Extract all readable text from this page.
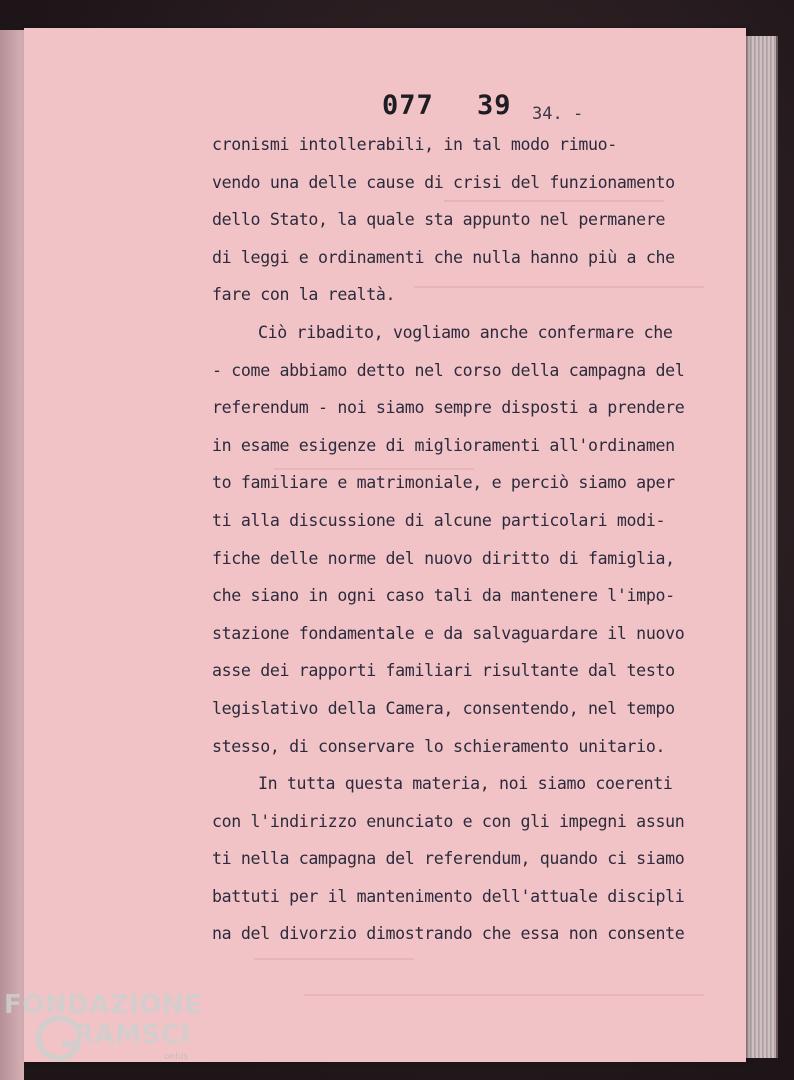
077 39 34. -
cronismi intollerabili, in tal modo rimuo-
vendo una delle cause di crisi del funzionamento
dello Stato, la quale sta appunto nel permanere
di leggi e ordinamenti che nulla hanno più a che
fare con la realtà.
Ciò ribadito, vogliamo anche confermare che
- come abbiamo detto nel corso della campagna del
referendum - noi siamo sempre disposti a prendere
in esame esigenze di miglioramenti all'ordinamen
to familiare e matrimoniale, e perciò siamo aper
ti alla discussione di alcune particolari modi-
fiche delle norme del nuovo diritto di famiglia,
che siano in ogni caso tali da mantenere l'impo-
stazione fondamentale e da salvaguardare il nuovo
asse dei rapporti familiari risultante dal testo
legislativo della Camera, consentendo, nel tempo
stesso, di conservare lo schieramento unitario.
In tutta questa materia, noi siamo coerenti
con l'indirizzo enunciato e con gli impegni assun
ti nella campagna del referendum, quando ci siamo
battuti per il mantenimento dell'attuale discipli
na del divorzio dimostrando che essa non consente
FONDAZIONE
RAMSCI
onlus
